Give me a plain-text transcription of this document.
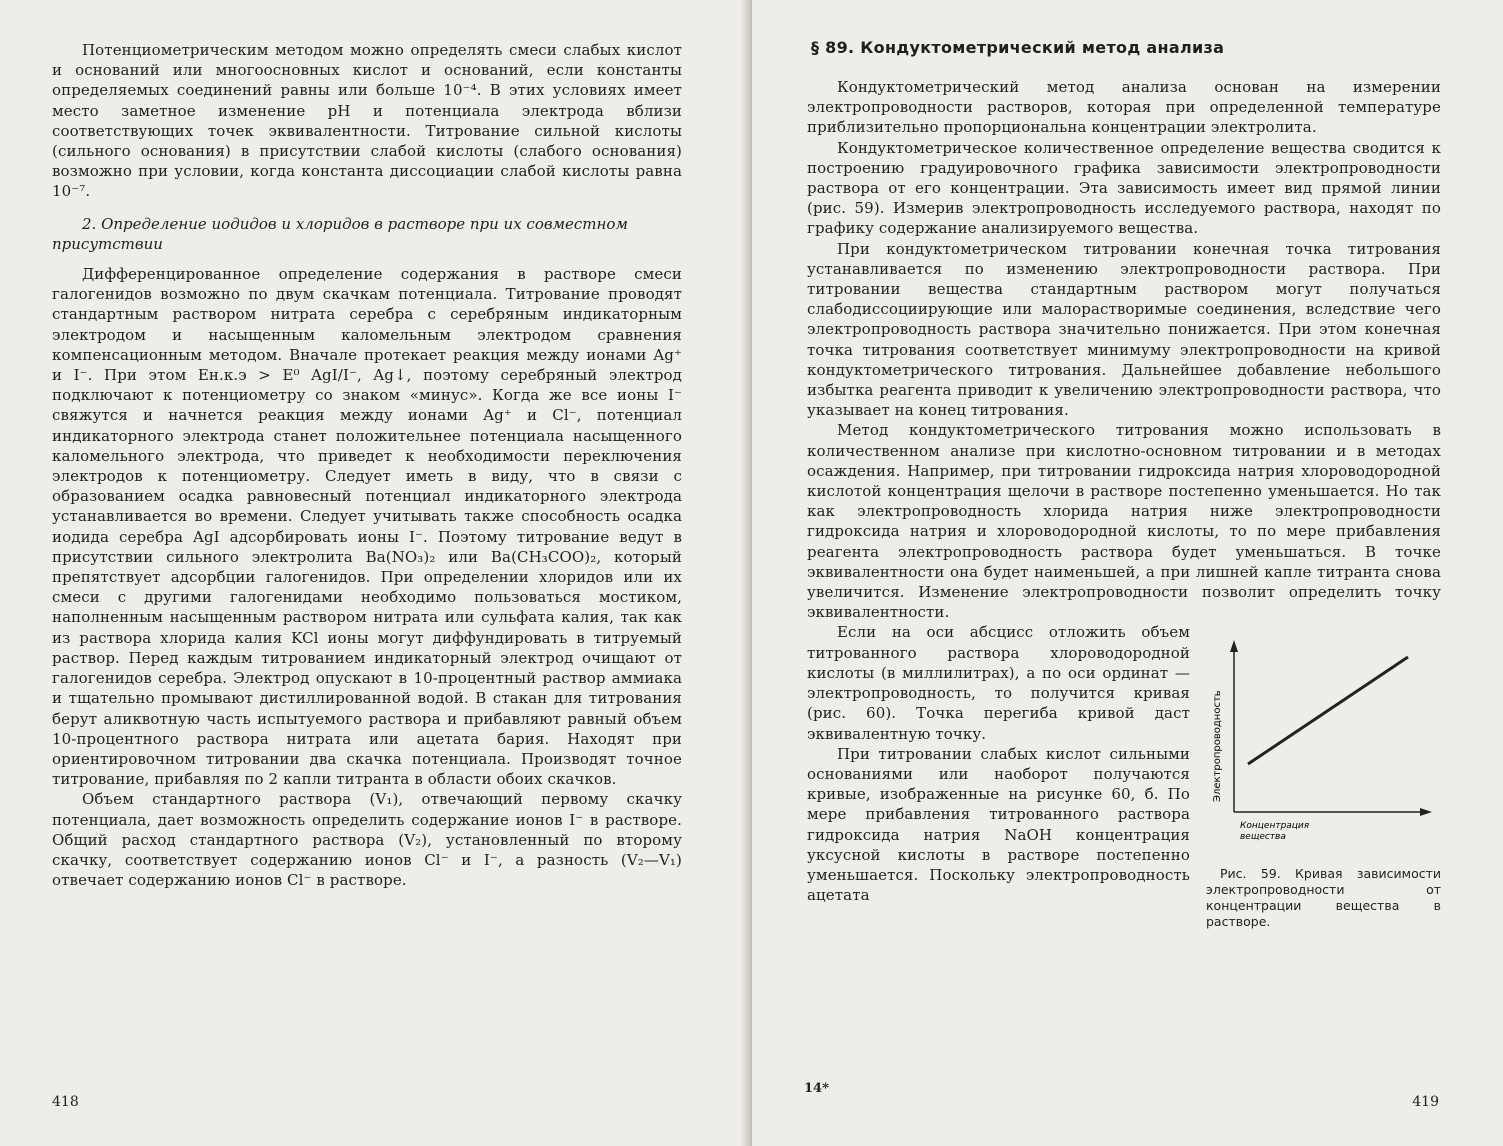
Потенциометрическим методом можно определять смеси слабых кислот и оснований или многоосновных кислот и оснований, если константы определяемых соединений равны или больше 10⁻⁴. В этих условиях имеет место заметное изменение pH и потенциала электрода вблизи соответствующих точек эквивалентности. Титрование сильной кислоты (сильного основания) в присутствии слабой кислоты (слабого основания) возможно при условии, когда константа диссоциации слабой кислоты равна 10⁻⁷.

2. Определение иодидов и хлоридов в растворе при их совместном присутствии

Дифференцированное определение содержания в растворе смеси галогенидов возможно по двум скачкам потенциала. Титрование проводят стандартным раствором нитрата серебра с серебряным индикаторным электродом и насыщенным каломельным электродом сравнения компенсационным методом. Вначале протекает реакция между ионами Ag⁺ и I⁻. При этом Eн.к.э > E⁰ AgI/I⁻, Ag↓, поэтому серебряный электрод подключают к потенциометру со знаком «минус». Когда же все ионы I⁻ свяжутся и начнется реакция между ионами Ag⁺ и Cl⁻, потенциал индикаторного электрода станет положительнее потенциала насыщенного каломельного электрода, что приведет к необходимости переключения электродов к потенциометру. Следует иметь в виду, что в связи с образованием осадка равновесный потенциал индикаторного электрода устанавливается во времени. Следует учитывать также способность осадка иодида серебра AgI адсорбировать ионы I⁻. Поэтому титрование ведут в присутствии сильного электролита Ba(NO₃)₂ или Ba(CH₃COO)₂, который препятствует адсорбции галогенидов. При определении хлоридов или их смеси с другими галогенидами необходимо пользоваться мостиком, наполненным насыщенным раствором нитрата или сульфата калия, так как из раствора хлорида калия KCl ионы могут диффундировать в титруемый раствор. Перед каждым титрованием индикаторный электрод очищают от галогенидов серебра. Электрод опускают в 10-процентный раствор аммиака и тщательно промывают дистиллированной водой. В стакан для титрования берут аликвотную часть испытуемого раствора и прибавляют равный объем 10-процентного раствора нитрата или ацетата бария. Находят при ориентировочном титровании два скачка потенциала. Производят точное титрование, прибавляя по 2 капли титранта в области обоих скачков.

Объем стандартного раствора (V₁), отвечающий первому скачку потенциала, дает возможность определить содержание ионов I⁻ в растворе. Общий расход стандартного раствора (V₂), установленный по второму скачку, соответствует содержанию ионов Cl⁻ и I⁻, а разность (V₂—V₁) отвечает содержанию ионов Cl⁻ в растворе.

418
§ 89. Кондуктометрический метод анализа

Кондуктометрический метод анализа основан на измерении электропроводности растворов, которая при определенной температуре приблизительно пропорциональна концентрации электролита.

Кондуктометрическое количественное определение вещества сводится к построению градуировочного графика зависимости электропроводности раствора от его концентрации. Эта зависимость имеет вид прямой линии (рис. 59). Измерив электропроводность исследуемого раствора, находят по графику содержание анализируемого вещества.

При кондуктометрическом титровании конечная точка титрования устанавливается по изменению электропроводности раствора. При титровании вещества стандартным раствором могут получаться слабодиссоциирующие или малорастворимые соединения, вследствие чего электропроводность раствора значительно понижается. При этом конечная точка титрования соответствует минимуму электропроводности на кривой кондуктометрического титрования. Дальнейшее добавление небольшого избытка реагента приводит к увеличению электропроводности раствора, что указывает на конец титрования.

Метод кондуктометрического титрования можно использовать в количественном анализе при кислотно-основном титровании и в методах осаждения. Например, при титровании гидроксида натрия хлороводородной кислотой концентрация щелочи в растворе постепенно уменьшается. Но так как электропроводность хлорида натрия ниже электропроводности гидроксида натрия и хлороводородной кислоты, то по мере прибавления реагента электропроводность раствора будет уменьшаться. В точке эквивалентности она будет наименьшей, а при лишней капле титранта снова увеличится. Изменение электропроводности позволит определить точку эквивалентности.

Электропроводность
Концентрация
вещества
Рис. 59. Кривая зависимости электропроводности от концентрации вещества в растворе.

Если на оси абсцисс отложить объем титрованного раствора хлороводородной кислоты (в миллилитрах), а по оси ординат — электропроводность, то получится кривая (рис. 60). Точка перегиба кривой даст эквивалентную точку.

При титровании слабых кислот сильными основаниями или наоборот получаются кривые, изображенные на рисунке 60, б. По мере прибавления титрованного раствора гидроксида натрия NaOH концентрация уксусной кислоты в растворе постепенно уменьшается. Поскольку электропроводность ацетата

14*
419
